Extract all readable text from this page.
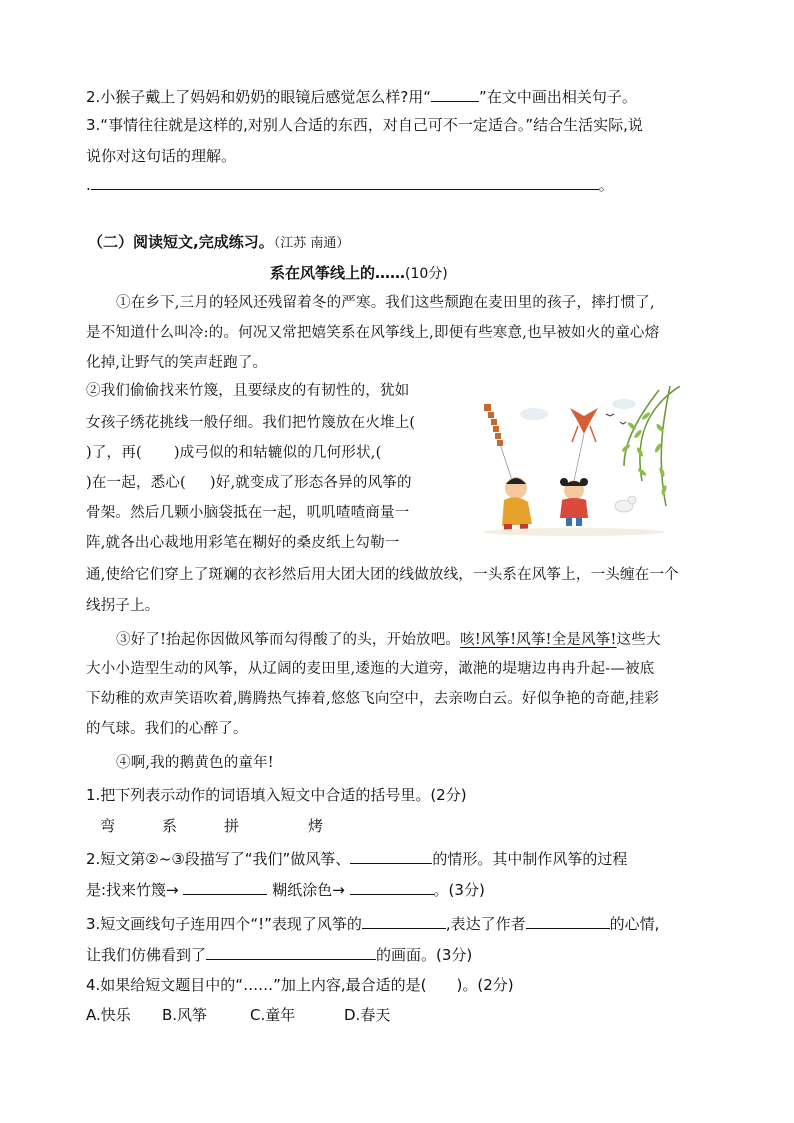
2.小猴子戴上了妈妈和奶奶的眼镜后感觉怎么样?用“	”在文中画出相关句子。
3.“事情往往就是这样的,对别人合适的东西，对自己可不一定适合。”结合生活实际,说
说你对这句话的理解。
.	。
（二）阅读短文,完成练习。（江苏 南通）
系在风筝线上的……(10分)
①在乡下,三月的轻风还残留着冬的严寒。我们这些颓跑在麦田里的孩子，摔打惯了,
是不知道什么叫冷:的。何况又常把嬉笑系在风筝线上,即便有些寒意,也早被如火的童心熔
化掉,让野气的笑声赶跑了。
②我们偷偷找来竹篾，且要绿皮的有韧性的，犹如
女孩子绣花挑线一般仔细。我们把竹篾放在火堆上(
)了，再( )成弓似的和轱辘似的几何形状,(
)在一起，悉心( )好,就变成了形态各异的风筝的
骨架。然后几颗小脑袋抵在一起，叽叽喳喳商量一
阵,就各出心裁地用彩笔在糊好的桑皮纸上勾勒一
通,使给它们穿上了斑斓的衣衫然后用大团大团的线做放线，一头系在风筝上，一头缠在一个
线拐子上。
③好了!抬起你因做风筝而勾得酸了的头，开始放吧。咳!风筝!风筝!全是风筝!这些大
大小小造型生动的风筝，从辽阔的麦田里,逶迤的大道旁，澉滟的堤塘边冉冉升起-—被底
下幼稚的欢声笑语吹着,腾腾热气捧着,悠悠飞向空中，去亲吻白云。好似争艳的奇葩,挂彩
的气球。我们的心醉了。
④啊,我的鹅黄色的童年!
1.把下列表示动作的词语填入短文中合适的括号里。(2分)
弯	系	拼	烤
2.短文第②~③段描写了“我们”做风筝、	的情形。其中制作风筝的过程
是:找来竹篾→	糊纸涂色→	。(3分)
3.短文画线句子连用四个“!”表现了风筝的	,表达了作者	的心情,
让我们仿佛看到了	的画面。(3分)
4.如果给短文题目中的“……”加上内容,最合适的是( )。(2分)
A.快乐 B.风筝	C.童年	D.春天
